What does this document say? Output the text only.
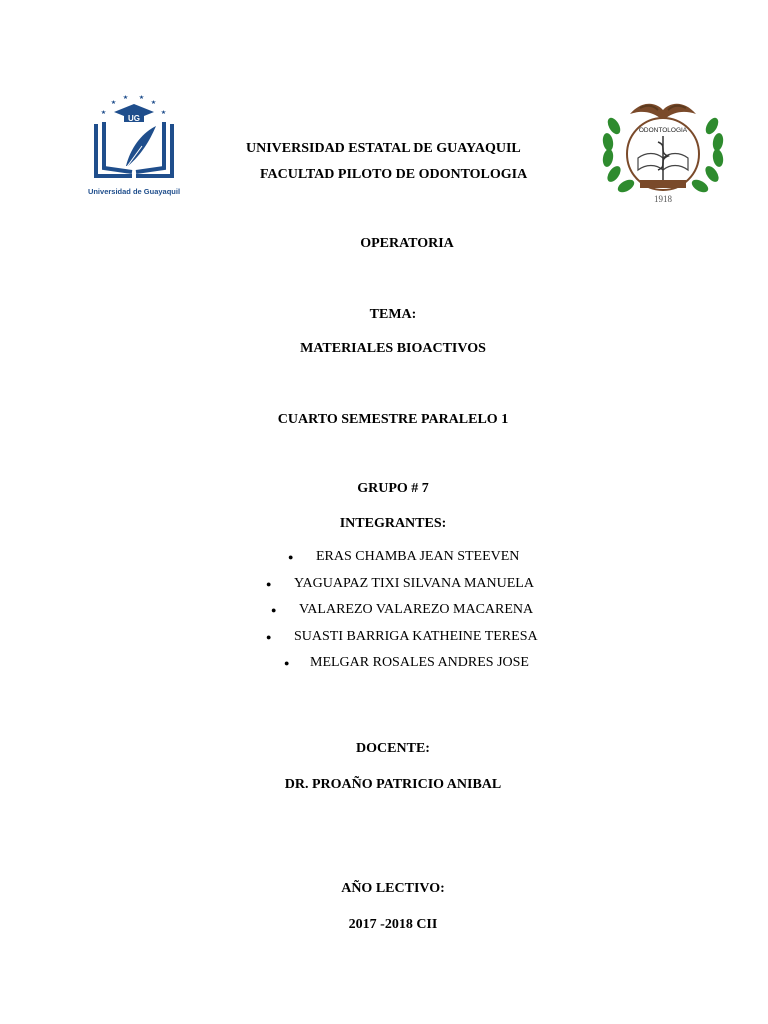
UG
Universidad de Guayaquil
ODONTOLOGIA
1918
UNIVERSIDAD ESTATAL DE GUAYAQUIL
FACULTAD PILOTO DE ODONTOLOGIA
OPERATORIA
TEMA:
MATERIALES BIOACTIVOS
CUARTO SEMESTRE PARALELO 1
GRUPO # 7
INTEGRANTES:
● ERAS CHAMBA JEAN STEEVEN
● YAGUAPAZ TIXI SILVANA MANUELA
● VALAREZO VALAREZO MACARENA
● SUASTI BARRIGA KATHEINE TERESA
● MELGAR ROSALES ANDRES JOSE
DOCENTE:
DR. PROAÑO PATRICIO ANIBAL
AÑO LECTIVO:
2017 -2018 CII
